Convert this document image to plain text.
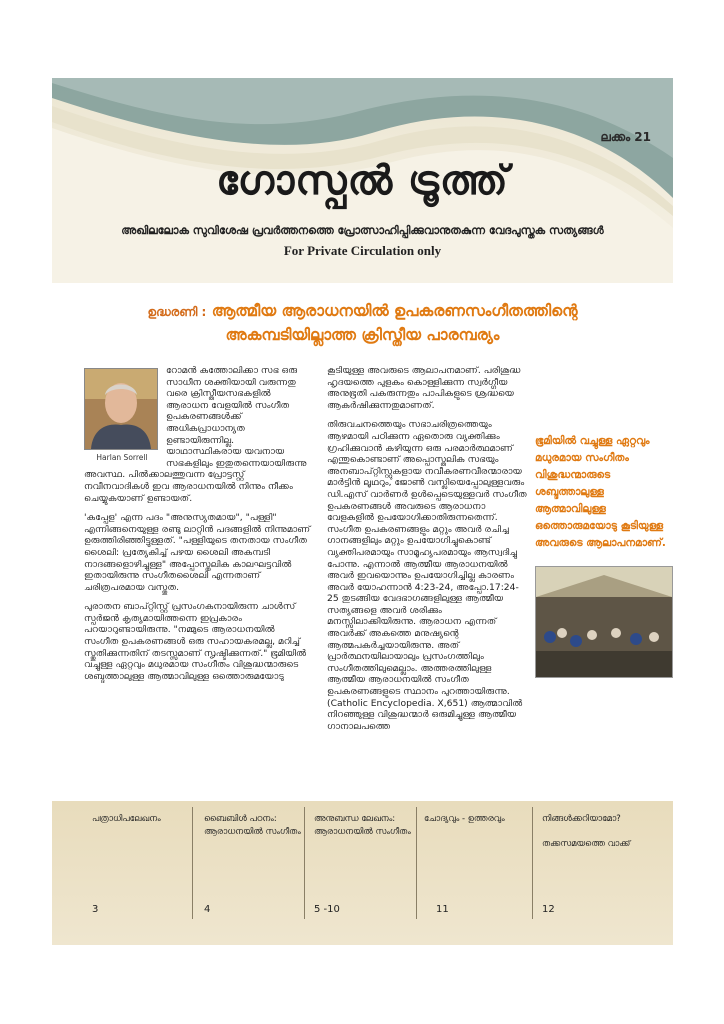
ലക്കം 21
ഗോസ്പൽ ട്രൂത്ത്
അഖിലലോക സുവിശേഷ പ്രവർത്തനത്തെ പ്രോത്സാഹിപ്പിക്കുവാനുതകുന്ന വേദപുസ്തക സത്യങ്ങൾ
For Private Circulation only
ഉദ്ധരണി : ആത്മീയ ആരാധനയിൽ ഉപകരണസംഗീതത്തിന്റെ
അകമ്പടിയില്ലാത്ത ക്രിസ്തീയ പാരമ്പര്യം
Harlan Sorrell

റോമൻ കത്തോലിക്കാ സഭ ഒരു സാധീന ശക്തിയായി വരുന്നതു വരെ ക്രിസ്തീയസഭകളിൽ ആരാധന വേളയിൽ സംഗീത ഉപകരണങ്ങൾക്ക് അധികപ്രാധാന്യത ഉണ്ടായിരുന്നില്ല. യാഥാസ്ഥികരായ യവനായ സഭകളിലും ഇതുതന്നെയായിരുന്നു അവസ്ഥ. പിൽക്കാലത്തുവന്ന പ്രോട്ടസ്റ്റ് നവീനവാദികൾ ഇവ ആരാധനയിൽ നിന്നും നീക്കം ചെയ്യുകയാണ് ഉണ്ടായത്.

'കപ്പേള' എന്ന പദം "അനുസ്യതമായ", "പള്ളി" എന്നിങ്ങനെയുള്ള രണ്ടു ലാറ്റിൻ പദങ്ങളിൽ നിന്നുമാണ് ഉരുത്തിരിഞ്ഞിട്ടുള്ളത്. "പള്ളിയുടെ തനതായ സംഗീത ശൈലി: പ്രത്യേകിച്ച് പഴയ ശൈലി അകമ്പടി നാദങ്ങളൊഴിച്ചുള്ള" അപ്പോസ്തലിക കാലഘട്ടവിൽ ഇതായിരുന്നു സംഗീതശൈലി എന്നതാണ് ചരിത്രപരമായ വസ്തുത.

പുരാതന ബാപ്റ്റിസ്റ്റ് പ്രസംഗകനായിരുന്ന ചാൾസ് സ്പർജൻ കൃത്യമായിത്തന്നെ ഇപ്രകാരം പറയാറുണ്ടായിരുന്നു. "നമ്മുടെ ആരാധനയിൽ സംഗീത ഉപകരണങ്ങൾ ഒരു സഹായകരമല്ല, മറിച്ച് സ്തുതിക്കുന്നതിന് തടസ്സമാണ് സൃഷ്ടിക്കുന്നത്." ഭൂമിയിൽ വച്ചുള്ള ഏറ്റവും മധുരമായ സംഗീതം വിശുദ്ധന്മാരുടെ ശബ്ദത്താലുള്ള ആത്മാവിലുള്ള ഒത്തൊരുമയോടു

കൂടിയുള്ള അവരുടെ ആലാപനമാണ്. പരിശുദ്ധ ഹൃദയത്തെ പുളകം കൊള്ളിക്കുന്ന സ്വർഗ്ഗീയ അനുഭൂതി പകരുന്നതും പാപികളുടെ ശ്രദ്ധയെ ആകർഷിക്കുന്നതുമാണത്.

തിരുവചനത്തെയും സഭാചരിത്രത്തെയും ആഴമായി പഠിക്കുന്ന ഏതൊരു വ്യക്തിക്കും ഗ്രഹിക്കുവാൻ കഴിയുന്ന ഒരു പരമാർത്ഥമാണ് എന്തുകൊണ്ടാണ് അപ്പൊസ്തലിക സഭയും അനബാപ്റ്റിസ്റ്റുകളായ നവീകരണവീരന്മാരായ മാർട്ടിൻ ലൂഥറും, ജോൺ വസ്ലിയെപ്പോലുള്ളവരും ഡി.എസ് വാർണർ ഉൾപ്പെടെയുള്ളവർ സംഗീത ഉപകരണങ്ങൾ അവരുടെ ആരാധനാ വേളകളിൽ ഉപയോഗിക്കാതിരുന്നതെന്ന്. സംഗീത ഉപകരണങ്ങളും മറ്റും അവർ രചിച്ച ഗാനങ്ങളിലും മറ്റും ഉപയോഗിച്ചുകൊണ്ട് വ്യക്തിപരമായും സാമൂഹ്യപരമായും ആസ്വദിച്ചു പോന്നു. എന്നാൽ ആത്മീയ ആരാധനയിൽ അവർ ഇവയൊന്നും ഉപയോഗിച്ചില്ല കാരണം അവർ യോഹന്നാൻ 4:23-24, അപ്പോ.17:24-25 തുടങ്ങിയ വേദഭാഗങ്ങളിലുള്ള ആത്മീയ സത്യങ്ങളെ അവർ ശരിക്കും മനസ്സിലാക്കിയിരുന്നു. ആരാധന എന്നത് അവർക്ക് അകത്തെ മനുഷ്യന്റെ ആത്മപകർച്ചയായിരുന്നു. അത് പ്രാർത്ഥനയിലായാലും പ്രസംഗത്തിലും സംഗീതത്തിലുമെല്ലാം. അത്തരത്തിലുള്ള ആത്മീയ ആരാധനയിൽ സംഗീത ഉപകരണങ്ങളുടെ സ്ഥാനം പുറത്തായിരുന്നു. (Catholic Encyclopedia. X,651) ആത്മാവിൽ നിറഞ്ഞുള്ള വിശുദ്ധന്മാർ ഒരുമിച്ചുള്ള ആത്മീയ ഗാനാലപത്തെ

ഭൂമിയിൽ വച്ചുള്ള ഏറ്റവും മധുരമായ സംഗീതം വിശുദ്ധന്മാരുടെ ശബ്ദത്താലുള്ള ആത്മാവിലുള്ള ഒത്തൊരുമയോടു കൂടിയുള്ള അവരുടെ ആലാപനമാണ്.
പത്രാധിപലേഖനം
3
ബൈബിൾ പഠനം:
ആരാധനയിൽ സംഗീതം
4
അനുബന്ധ ലേഖനം:
ആരാധനയിൽ സംഗീതം
5 -10
ചോദ്യവും - ഉത്തരവും
11
നിങ്ങൾക്കറിയാമോ?
തക്കസമയത്തെ വാക്ക്
12
